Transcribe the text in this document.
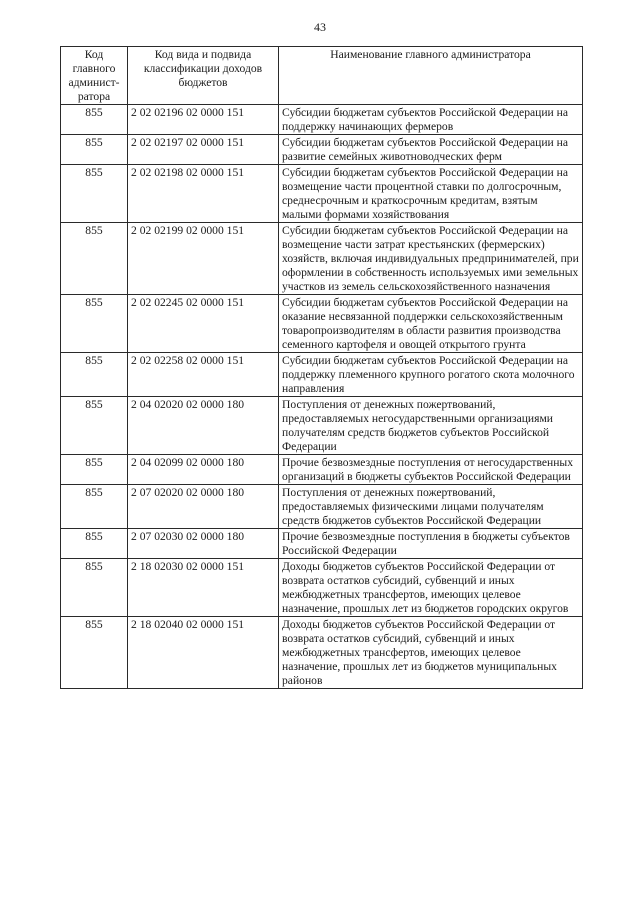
43
Код главного админист-ратора	Код вида и подвида классификации доходов бюджетов	Наименование главного администратора
855	2 02 02196 02 0000 151	Субсидии бюджетам субъектов Российской Федерации на поддержку начинающих фермеров
855	2 02 02197 02 0000 151	Субсидии бюджетам субъектов Российской Федерации на развитие семейных животноводческих ферм
855	2 02 02198 02 0000 151	Субсидии бюджетам субъектов Российской Федерации на возмещение части процентной ставки по долгосрочным, среднесрочным и краткосрочным кредитам, взятым малыми формами хозяйствования
855	2 02 02199 02 0000 151	Субсидии бюджетам субъектов Российской Федерации на возмещение части затрат крестьянских (фермерских) хозяйств, включая индивидуальных предпринимателей, при оформлении в собственность используемых ими земельных участков из земель сельскохозяйственного назначения
855	2 02 02245 02 0000 151	Субсидии бюджетам субъектов Российской Федерации на оказание несвязанной поддержки сельскохозяйственным товаропроизводителям в области развития производства семенного картофеля и овощей открытого грунта
855	2 02 02258 02 0000 151	Субсидии бюджетам субъектов Российской Федерации на поддержку племенного крупного рогатого скота молочного направления
855	2 04 02020 02 0000 180	Поступления от денежных пожертвований, предоставляемых негосударственными организациями получателям средств бюджетов субъектов Российской Федерации
855	2 04 02099 02 0000 180	Прочие безвозмездные поступления от негосударственных организаций в бюджеты субъектов Российской Федерации
855	2 07 02020 02 0000 180	Поступления от денежных пожертвований, предоставляемых физическими лицами получателям средств бюджетов субъектов Российской Федерации
855	2 07 02030 02 0000 180	Прочие безвозмездные поступления в бюджеты субъектов Российской Федерации
855	2 18 02030 02 0000 151	Доходы бюджетов субъектов Российской Федерации от возврата остатков субсидий, субвенций и иных межбюджетных трансфертов, имеющих целевое назначение, прошлых лет из бюджетов городских округов
855	2 18 02040 02 0000 151	Доходы бюджетов субъектов Российской Федерации от возврата остатков субсидий, субвенций и иных межбюджетных трансфертов, имеющих целевое назначение, прошлых лет из бюджетов муниципальных районов
